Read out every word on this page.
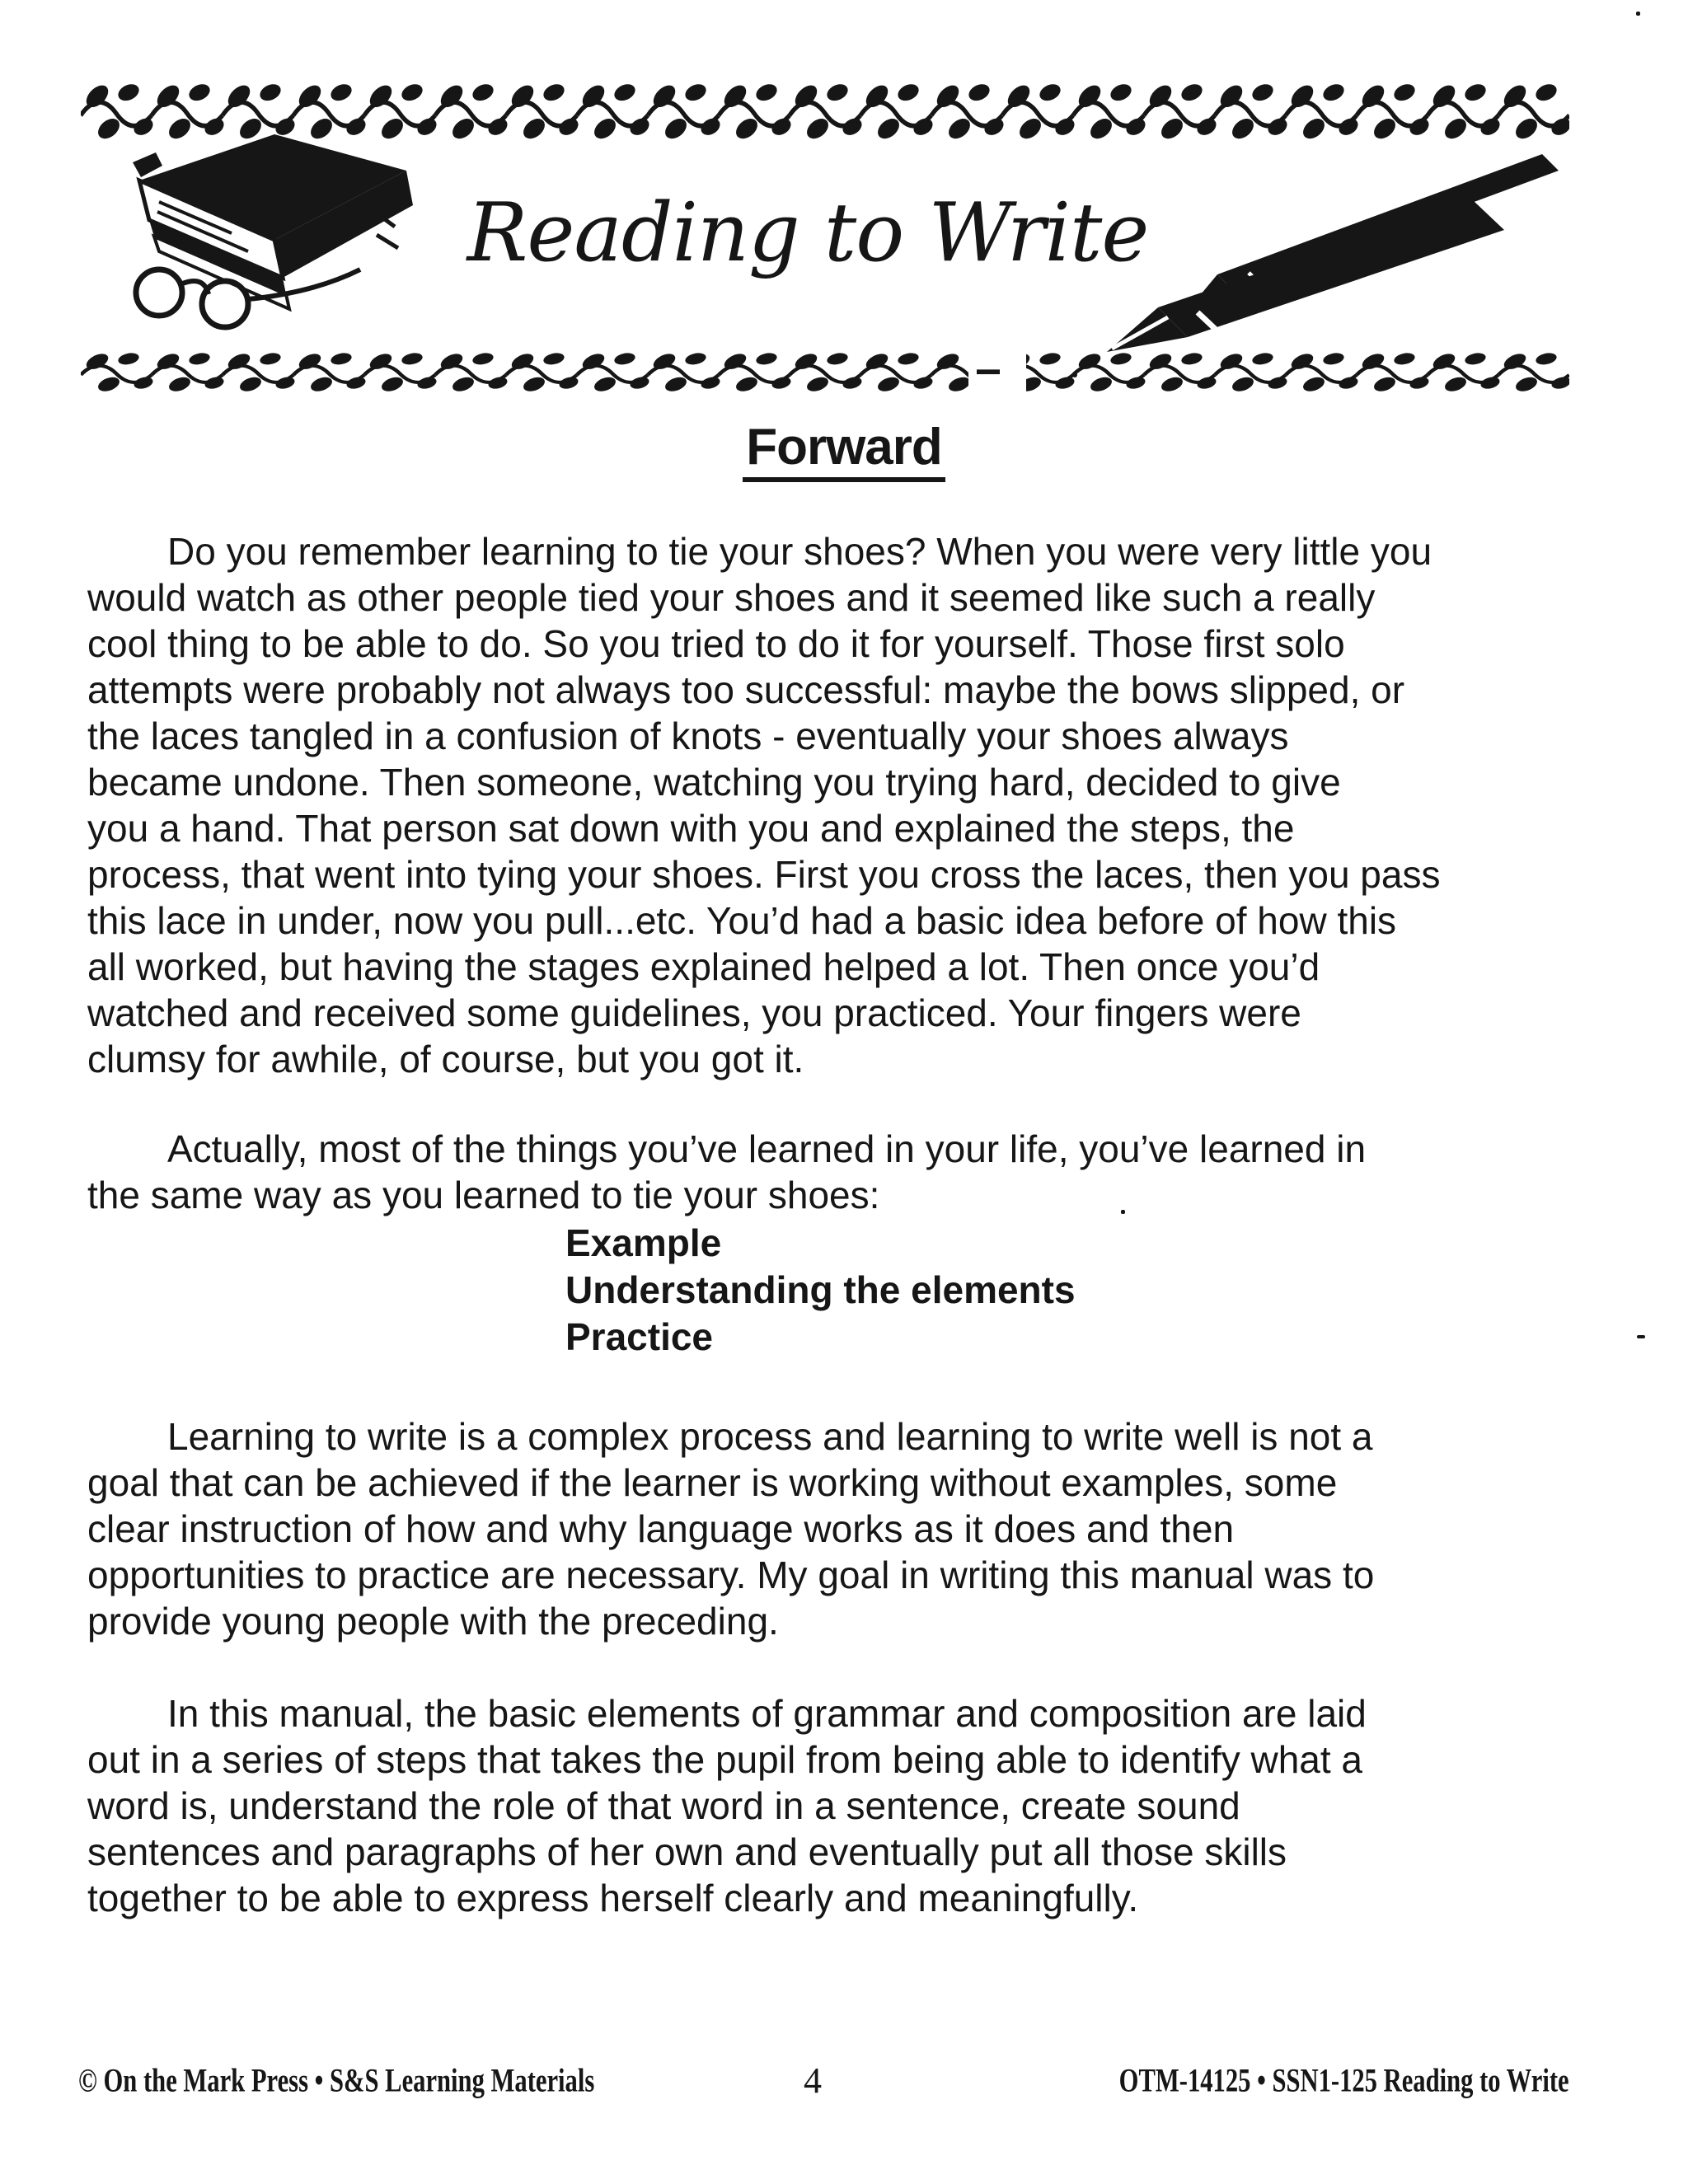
Reading to Write
Forward
Do you remember learning to tie your shoes? When you were very little you
would watch as other people tied your shoes and it seemed like such a really
cool thing to be able to do. So you tried to do it for yourself. Those first solo
attempts were probably not always too successful: maybe the bows slipped, or
the laces tangled in a confusion of knots - eventually your shoes always
became undone. Then someone, watching you trying hard, decided to give
you a hand. That person sat down with you and explained the steps, the
process, that went into tying your shoes. First you cross the laces, then you pass
this lace in under, now you pull...etc. You’d had a basic idea before of how this
all worked, but having the stages explained helped a lot. Then once you’d
watched and received some guidelines, you practiced. Your fingers were
clumsy for awhile, of course, but you got it.
Actually, most of the things you’ve learned in your life, you’ve learned in
the same way as you learned to tie your shoes:
Example
Understanding the elements
Practice
Learning to write is a complex process and learning to write well is not a
goal that can be achieved if the learner is working without examples, some
clear instruction of how and why language works as it does and then
opportunities to practice are necessary. My goal in writing this manual was to
provide young people with the preceding.
In this manual, the basic elements of grammar and composition are laid
out in a series of steps that takes the pupil from being able to identify what a
word is, understand the role of that word in a sentence, create sound
sentences and paragraphs of her own and eventually put all those skills
together to be able to express herself clearly and meaningfully.
© On the Mark Press • S&S Learning Materials	4	OTM-14125 • SSN1-125 Reading to Write
